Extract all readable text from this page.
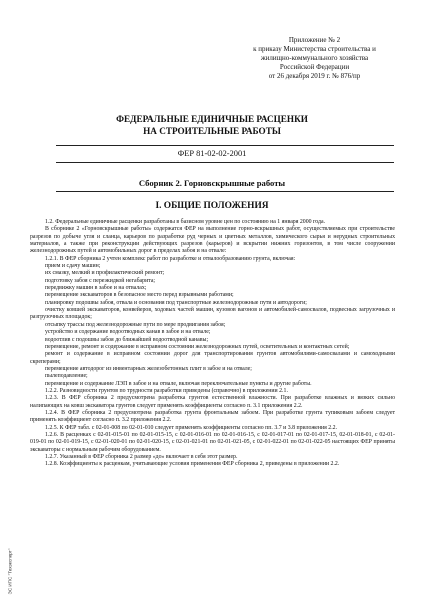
Приложение № 2
к приказу Министерства строительства и
жилищно-коммунального хозяйства
Российской Федерации
от 26 декабря 2019 г. № 876/пр
ФЕДЕРАЛЬНЫЕ ЕДИНИЧНЫЕ РАСЦЕНКИ
НА СТРОИТЕЛЬНЫЕ РАБОТЫ
ФЕР 81-02-02-2001
Сборник 2. Горновскрышные работы
I. ОБЩИЕ ПОЛОЖЕНИЯ

1.2. Федеральные единичные расценки разработаны в базисном уровне цен по состоянию на 1 января 2000 года.

В сборнике 2 «Горновскрышные работы» содержатся ФЕР на выполнение горно-вскрышных работ, осуществляемых при строительстве разрезов по добыче угля и сланца, карьеров по разработке руд черных и цветных металлов, химического сырья и нерудных строительных материалов, а также при реконструкции действующих разрезов (карьеров) и вскрытии нижних горизонтов, в том числе сооружении железнодорожных путей и автомобильных дорог в пределах забоя и на отвале:

1.2.1. В ФЕР сборника 2 учтен комплекс работ по разработке и отвалообразованию грунта, включая:

прием и сдачу машин;

их смазку, мелкий и профилактический ремонт;

подготовку забоя с переэкидкой негабарита;

передвижку машин в забое и на отвалах;

перемещение экскаваторов в безопасное место перед взрывными работами;

планировку подошвы забоя, отвала и основания под транспортные железнодорожные пути и автодороги;

очистку ковшей экскаваторов, конвейеров, ходовых частей машин, кузовов вагонов и автомобилей-самосвалов, подвесных загрузочных и разгрузочных площадок;

отсыпку трассы под железнодорожные пути по мере продвигания забоя;

устройство и содержание водоотводных канав в забое и на отвале;

водоотлив с подошвы забоя до ближайшей водоотводной канавы;

перемещение, ремонт и содержание в исправном состоянии железнодорожных путей, осветительных и контактных сетей;

ремонт и содержание в исправном состоянии дорог для транспортирования грунтов автомобилями-самосвалами и самоходными скреперами;

перемещение автодорог из инвентарных железобетонных плит в забое и на отвале;

пылеподавление;

перемещение и содержание ЛЭП в забое и на отвале, включая переключательные пункты и другие работы.

1.2.2. Разновидности грунтов по трудности разработки приведены (справочно) в приложении 2.1.

1.2.3. В ФЕР сборника 2 предусмотрена разработка грунтов естественной влажности. При разработке влажных и вязких сильно налипающих на ковш экскаватора грунтов следует применять коэффициенты согласно п. 3.1 приложения 2.2.

1.2.4. В ФЕР сборника 2 предусмотрена разработка грунта фронтальным забоем. При разработке грунта тупиковым забоем следует применять коэффициент согласно п. 3.2 приложения 2.2.

1.2.5. К ФЕР табл. с 02-01-008 по 02-01-010 следует применять коэффициенты согласно пп. 3.7 и 3.8 приложения 2.2.

1.2.6. В расценках с 02-01-015-01 по 02-01-015-15, с 02-01-016-01 по 02-01-016-15, с 02-01-017-01 по 02-01-017-15, 02-01-018-01, с 02-01-019-01 по 02-01-019-15, с 02-01-020-01 по 02-01-020-15, с 02-01-021-01 по 02-01-021-05, с 02-01-022-01 по 02-01-022-05 настоящих ФЕР приняты экскаваторы с нормальным рабочим оборудованием.

1.2.7. Указанный в ФЕР сборника 2 размер «до» включает в себя этот размер.

1.2.8. Коэффициенты к расценкам, учитывающие условия применения ФЕР сборника 2, приведены в приложении 2.2.

ЭС ИПС "Техэксперт"
